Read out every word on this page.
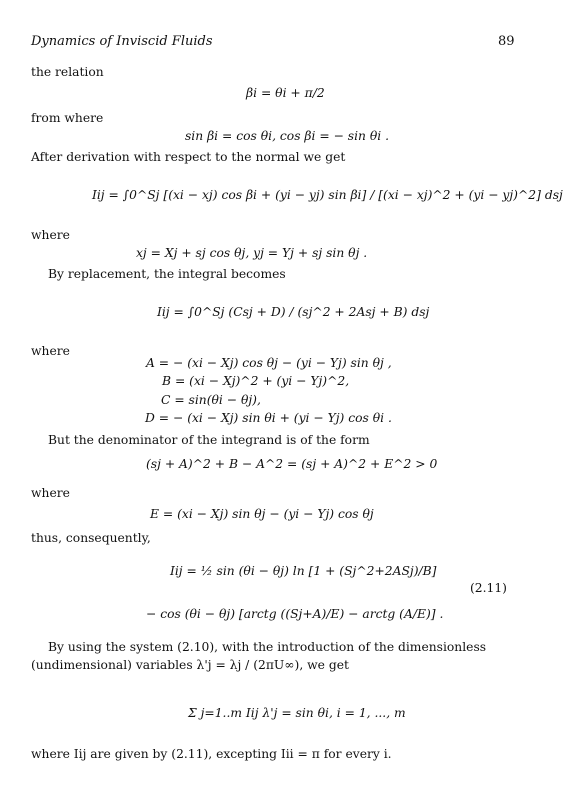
Dynamics of Inviscid Fluids	89
the relation
βi = θi + π/2
from where
sin βi = cos θi, cos βi = − sin θi .
After derivation with respect to the normal we get
Iij = ∫0^Sj [(xi − xj) cos βi + (yi − yj) sin βi] / [(xi − xj)^2 + (yi − yj)^2] dsj
where
xj = Xj + sj cos θj, yj = Yj + sj sin θj .
By replacement, the integral becomes
Iij = ∫0^Sj (Csj + D) / (sj^2 + 2Asj + B) dsj
where
A = − (xi − Xj) cos θj − (yi − Yj) sin θj ,
B = (xi − Xj)^2 + (yi − Yj)^2,
C = sin(θi − θj),
D = − (xi − Xj) sin θi + (yi − Yj) cos θi .
But the denominator of the integrand is of the form
(sj + A)^2 + B − A^2 = (sj + A)^2 + E^2 > 0
where
E = (xi − Xj) sin θj − (yi − Yj) cos θj
thus, consequently,
Iij = ½ sin (θi − θj) ln [1 + (Sj^2+2ASj)/B]
(2.11)
− cos (θi − θj) [arctg ((Sj+A)/E) − arctg (A/E)] .
By using the system (2.10), with the introduction of the dimensionless
(undimensional) variables λ'j = λj / (2πU∞), we get
Σ j=1..m Iij λ'j = sin θi, i = 1, ..., m
where Iij are given by (2.11), excepting Iii = π for every i.
